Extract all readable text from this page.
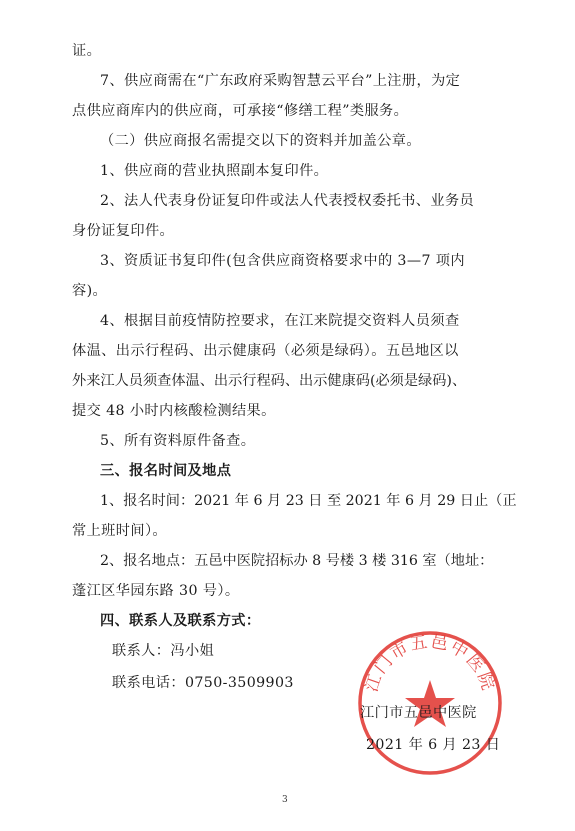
证。
7、供应商需在“广东政府采购智慧云平台”上注册，为定
点供应商库内的供应商，可承接“修缮工程”类服务。
（二）供应商报名需提交以下的资料并加盖公章。
1、供应商的营业执照副本复印件。
2、法人代表身份证复印件或法人代表授权委托书、业务员
身份证复印件。
3、资质证书复印件(包含供应商资格要求中的 3—7 项内
容)。
4、根据目前疫情防控要求，在江来院提交资料人员须查
体温、出示行程码、出示健康码（必须是绿码）。五邑地区以
外来江人员须查体温、出示行程码、出示健康码(必须是绿码)、
提交 48 小时内核酸检测结果。
5、所有资料原件备查。
三、报名时间及地点
1、报名时间：2021 年 6 月 23 日 至 2021 年 6 月 29 日止（正
常上班时间）。
2、报名地点：五邑中医院招标办 8 号楼 3 楼 316 室（地址：
蓬江区华园东路 30 号）。
四、联系人及联系方式：
联系人：冯小姐
联系电话：0750-3509903	江门市五邑中医院
江门市五邑中医院
2021 年 6 月 23 日
3
